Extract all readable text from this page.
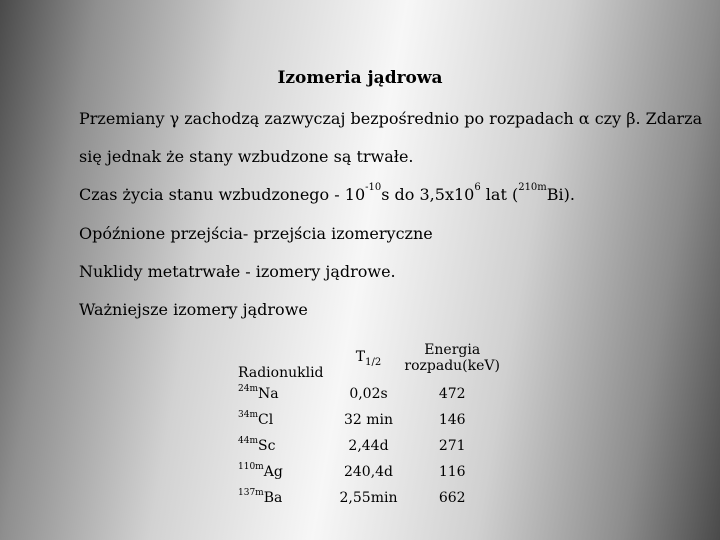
Izomeria jądrowa
Przemiany γ zachodzą zazwyczaj bezpośrednio po rozpadach α czy β. Zdarza
się jednak że stany wzbudzone są trwałe.
Czas życia stanu wzbudzonego - $10^{-10}s$ do $3,5x10^6$ lat ($^{210m}$Bi).
Opóźnione przejścia- przejścia izomeryczne
Nuklidy metatrwałe - izomery jądrowe.
Ważniejsze izomery jądrowe
Radionuklid	$T_{1/2}$	Energia
rozpadu(keV)

$^{24m}$Na	0,02s	472
$^{34m}$Cl	32 min	146
$^{44m}$Sc	2,44d	271
$^{110m}$Ag	240,4d	116
$^{137m}$Ba	2,55min	662
